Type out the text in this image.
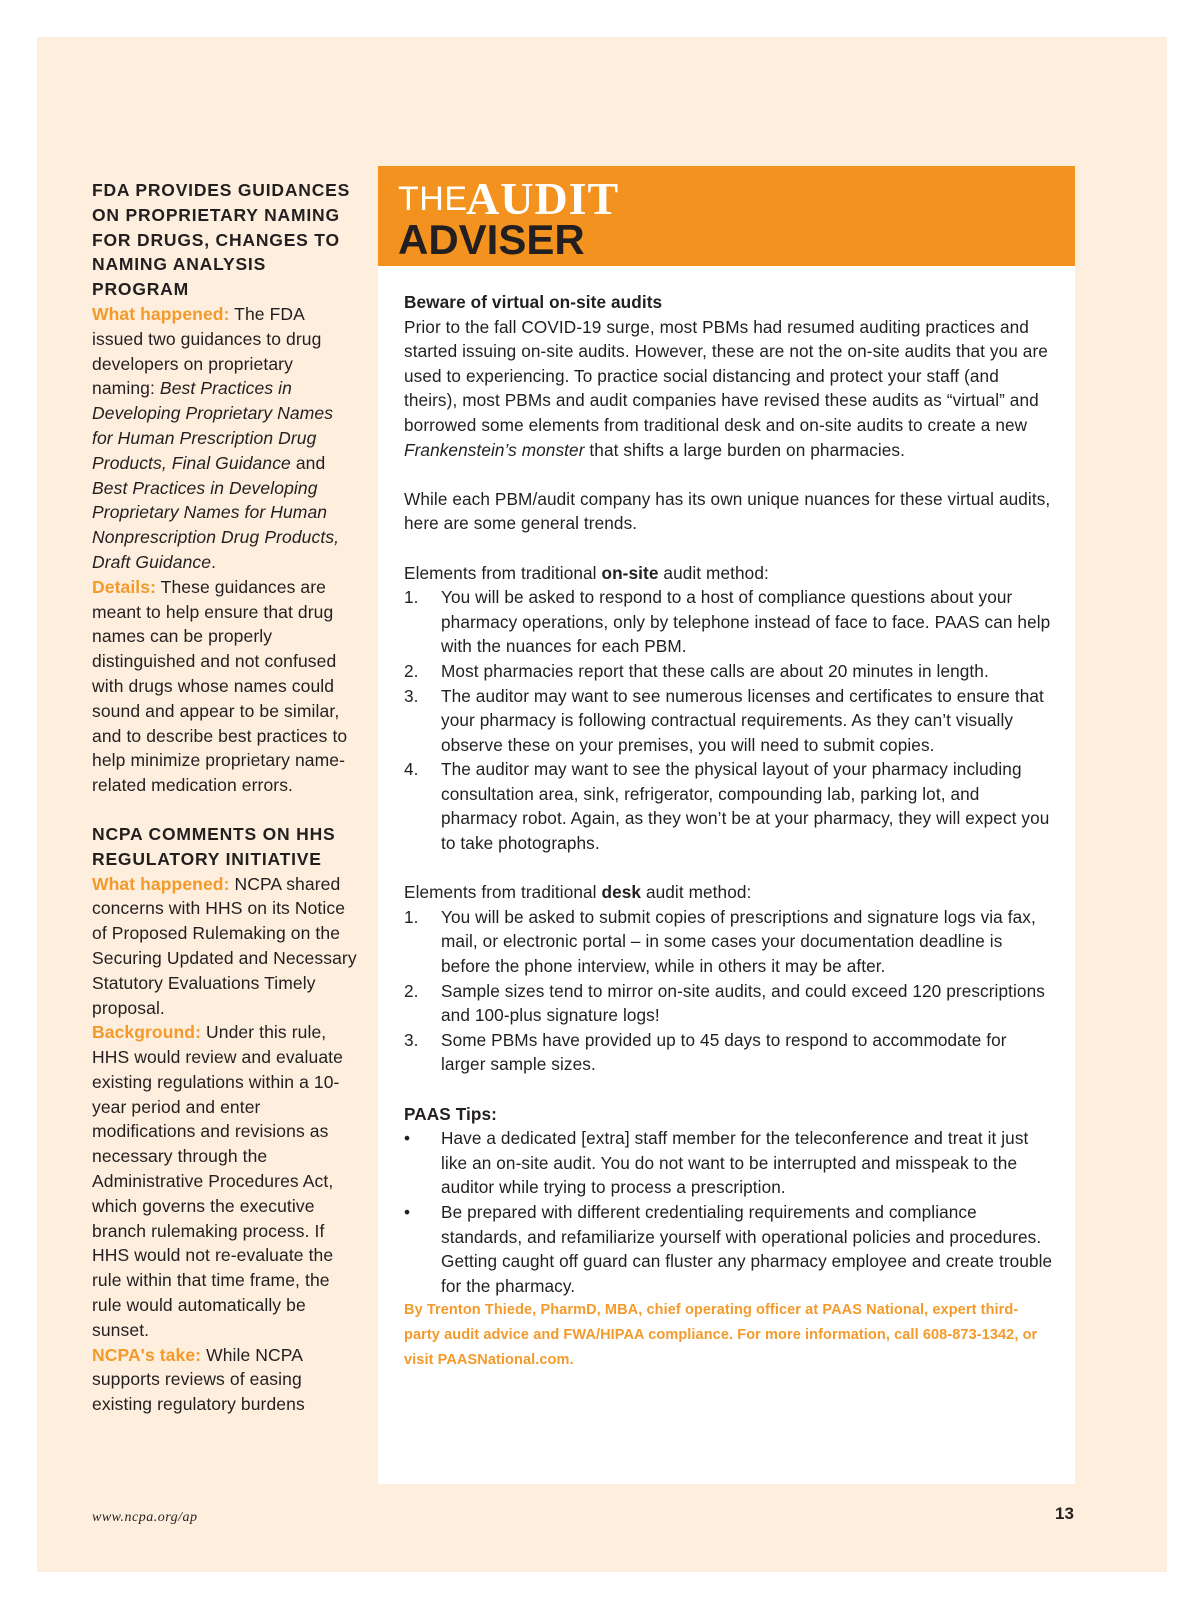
FDA PROVIDES GUIDANCES ON PROPRIETARY NAMING FOR DRUGS, CHANGES TO NAMING ANALYSIS PROGRAM

What happened: The FDA issued two guidances to drug developers on proprietary naming: Best Practices in Developing Proprietary Names for Human Prescription Drug Products, Final Guidance and Best Practices in Developing Proprietary Names for Human Nonprescription Drug Products, Draft Guidance.

Details: These guidances are meant to help ensure that drug names can be properly distinguished and not confused with drugs whose names could sound and appear to be similar, and to describe best practices to help minimize proprietary name-related medication errors.

NCPA COMMENTS ON HHS REGULATORY INITIATIVE

What happened: NCPA shared concerns with HHS on its Notice of Proposed Rulemaking on the Securing Updated and Necessary Statutory Evaluations Timely proposal.

Background: Under this rule, HHS would review and evaluate existing regulations within a 10-year period and enter modifications and revisions as necessary through the Administrative Procedures Act, which governs the executive branch rulemaking process. If HHS would not re-evaluate the rule within that time frame, the rule would automatically be sunset.

NCPA's take: While NCPA supports reviews of easing existing regulatory burdens

THE
AUDIT
ADVISER

Beware of virtual on-site audits

Prior to the fall COVID-19 surge, most PBMs had resumed auditing practices and started issuing on-site audits. However, these are not the on-site audits that you are used to experiencing. To practice social distancing and protect your staff (and theirs), most PBMs and audit companies have revised these audits as “virtual” and borrowed some elements from traditional desk and on-site audits to create a new Frankenstein’s monster that shifts a large burden on pharmacies.

While each PBM/audit company has its own unique nuances for these virtual audits, here are some general trends.

Elements from traditional on-site audit method:

1. You will be asked to respond to a host of compliance questions about your pharmacy operations, only by telephone instead of face to face. PAAS can help with the nuances for each PBM.
2. Most pharmacies report that these calls are about 20 minutes in length.
3. The auditor may want to see numerous licenses and certificates to ensure that your pharmacy is following contractual requirements. As they can’t visually observe these on your premises, you will need to submit copies.
4. The auditor may want to see the physical layout of your pharmacy including consultation area, sink, refrigerator, compounding lab, parking lot, and pharmacy robot. Again, as they won’t be at your pharmacy, they will expect you to take photographs.

Elements from traditional desk audit method:

1. You will be asked to submit copies of prescriptions and signature logs via fax, mail, or electronic portal – in some cases your documentation deadline is before the phone interview, while in others it may be after.
2. Sample sizes tend to mirror on-site audits, and could exceed 120 prescriptions and 100-plus signature logs!
3. Some PBMs have provided up to 45 days to respond to accommodate for larger sample sizes.

PAAS Tips:

• Have a dedicated [extra] staff member for the teleconference and treat it just like an on-site audit. You do not want to be interrupted and misspeak to the auditor while trying to process a prescription.
• Be prepared with different credentialing requirements and compliance standards, and refamiliarize yourself with operational policies and procedures. Getting caught off guard can fluster any pharmacy employee and create trouble for the pharmacy.

By Trenton Thiede, PharmD, MBA, chief operating officer at PAAS National, expert third-party audit advice and FWA/HIPAA compliance. For more information, call 608-873-1342, or visit PAASNational.com.

www.ncpa.org/ap	13
